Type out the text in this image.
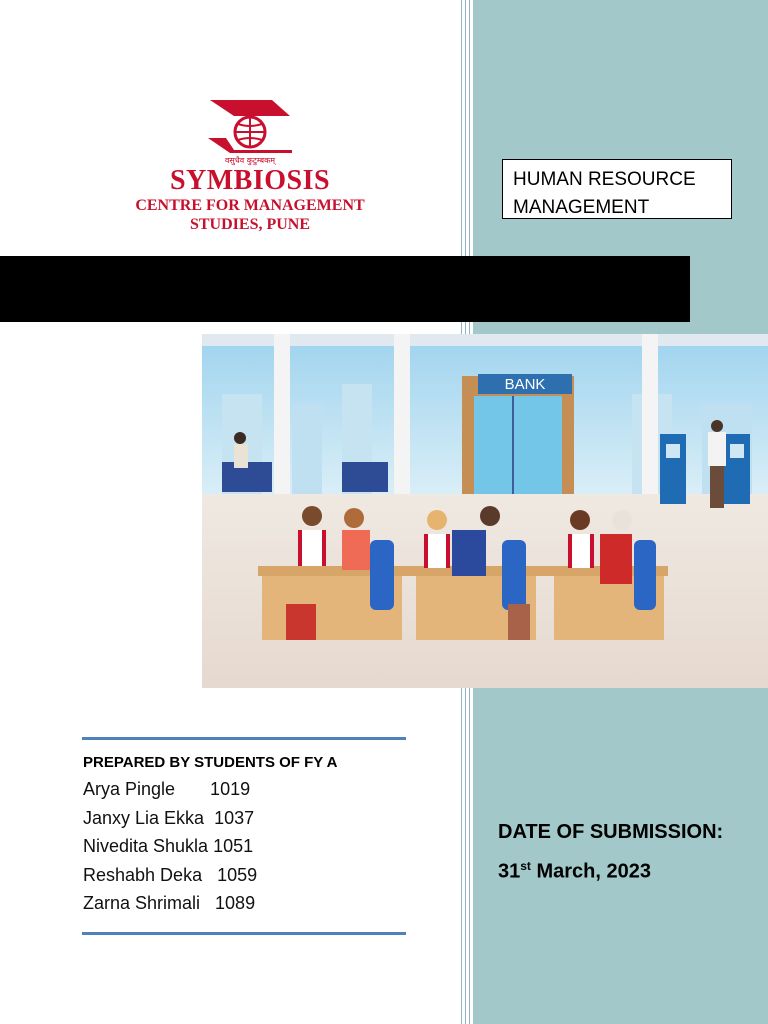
वसुधैव कुटुम्बकम्
SYMBIOSIS
CENTRE FOR MANAGEMENT
STUDIES, PUNE
HUMAN RESOURCE
MANAGEMENT
BANK
PREPARED BY STUDENTS OF FY A
Arya Pingle       1019
Janxy Lia Ekka  1037
Nivedita Shukla 1051
Reshabh Deka   1059
Zarna Shrimali   1089
DATE OF SUBMISSION:
31st March, 2023
